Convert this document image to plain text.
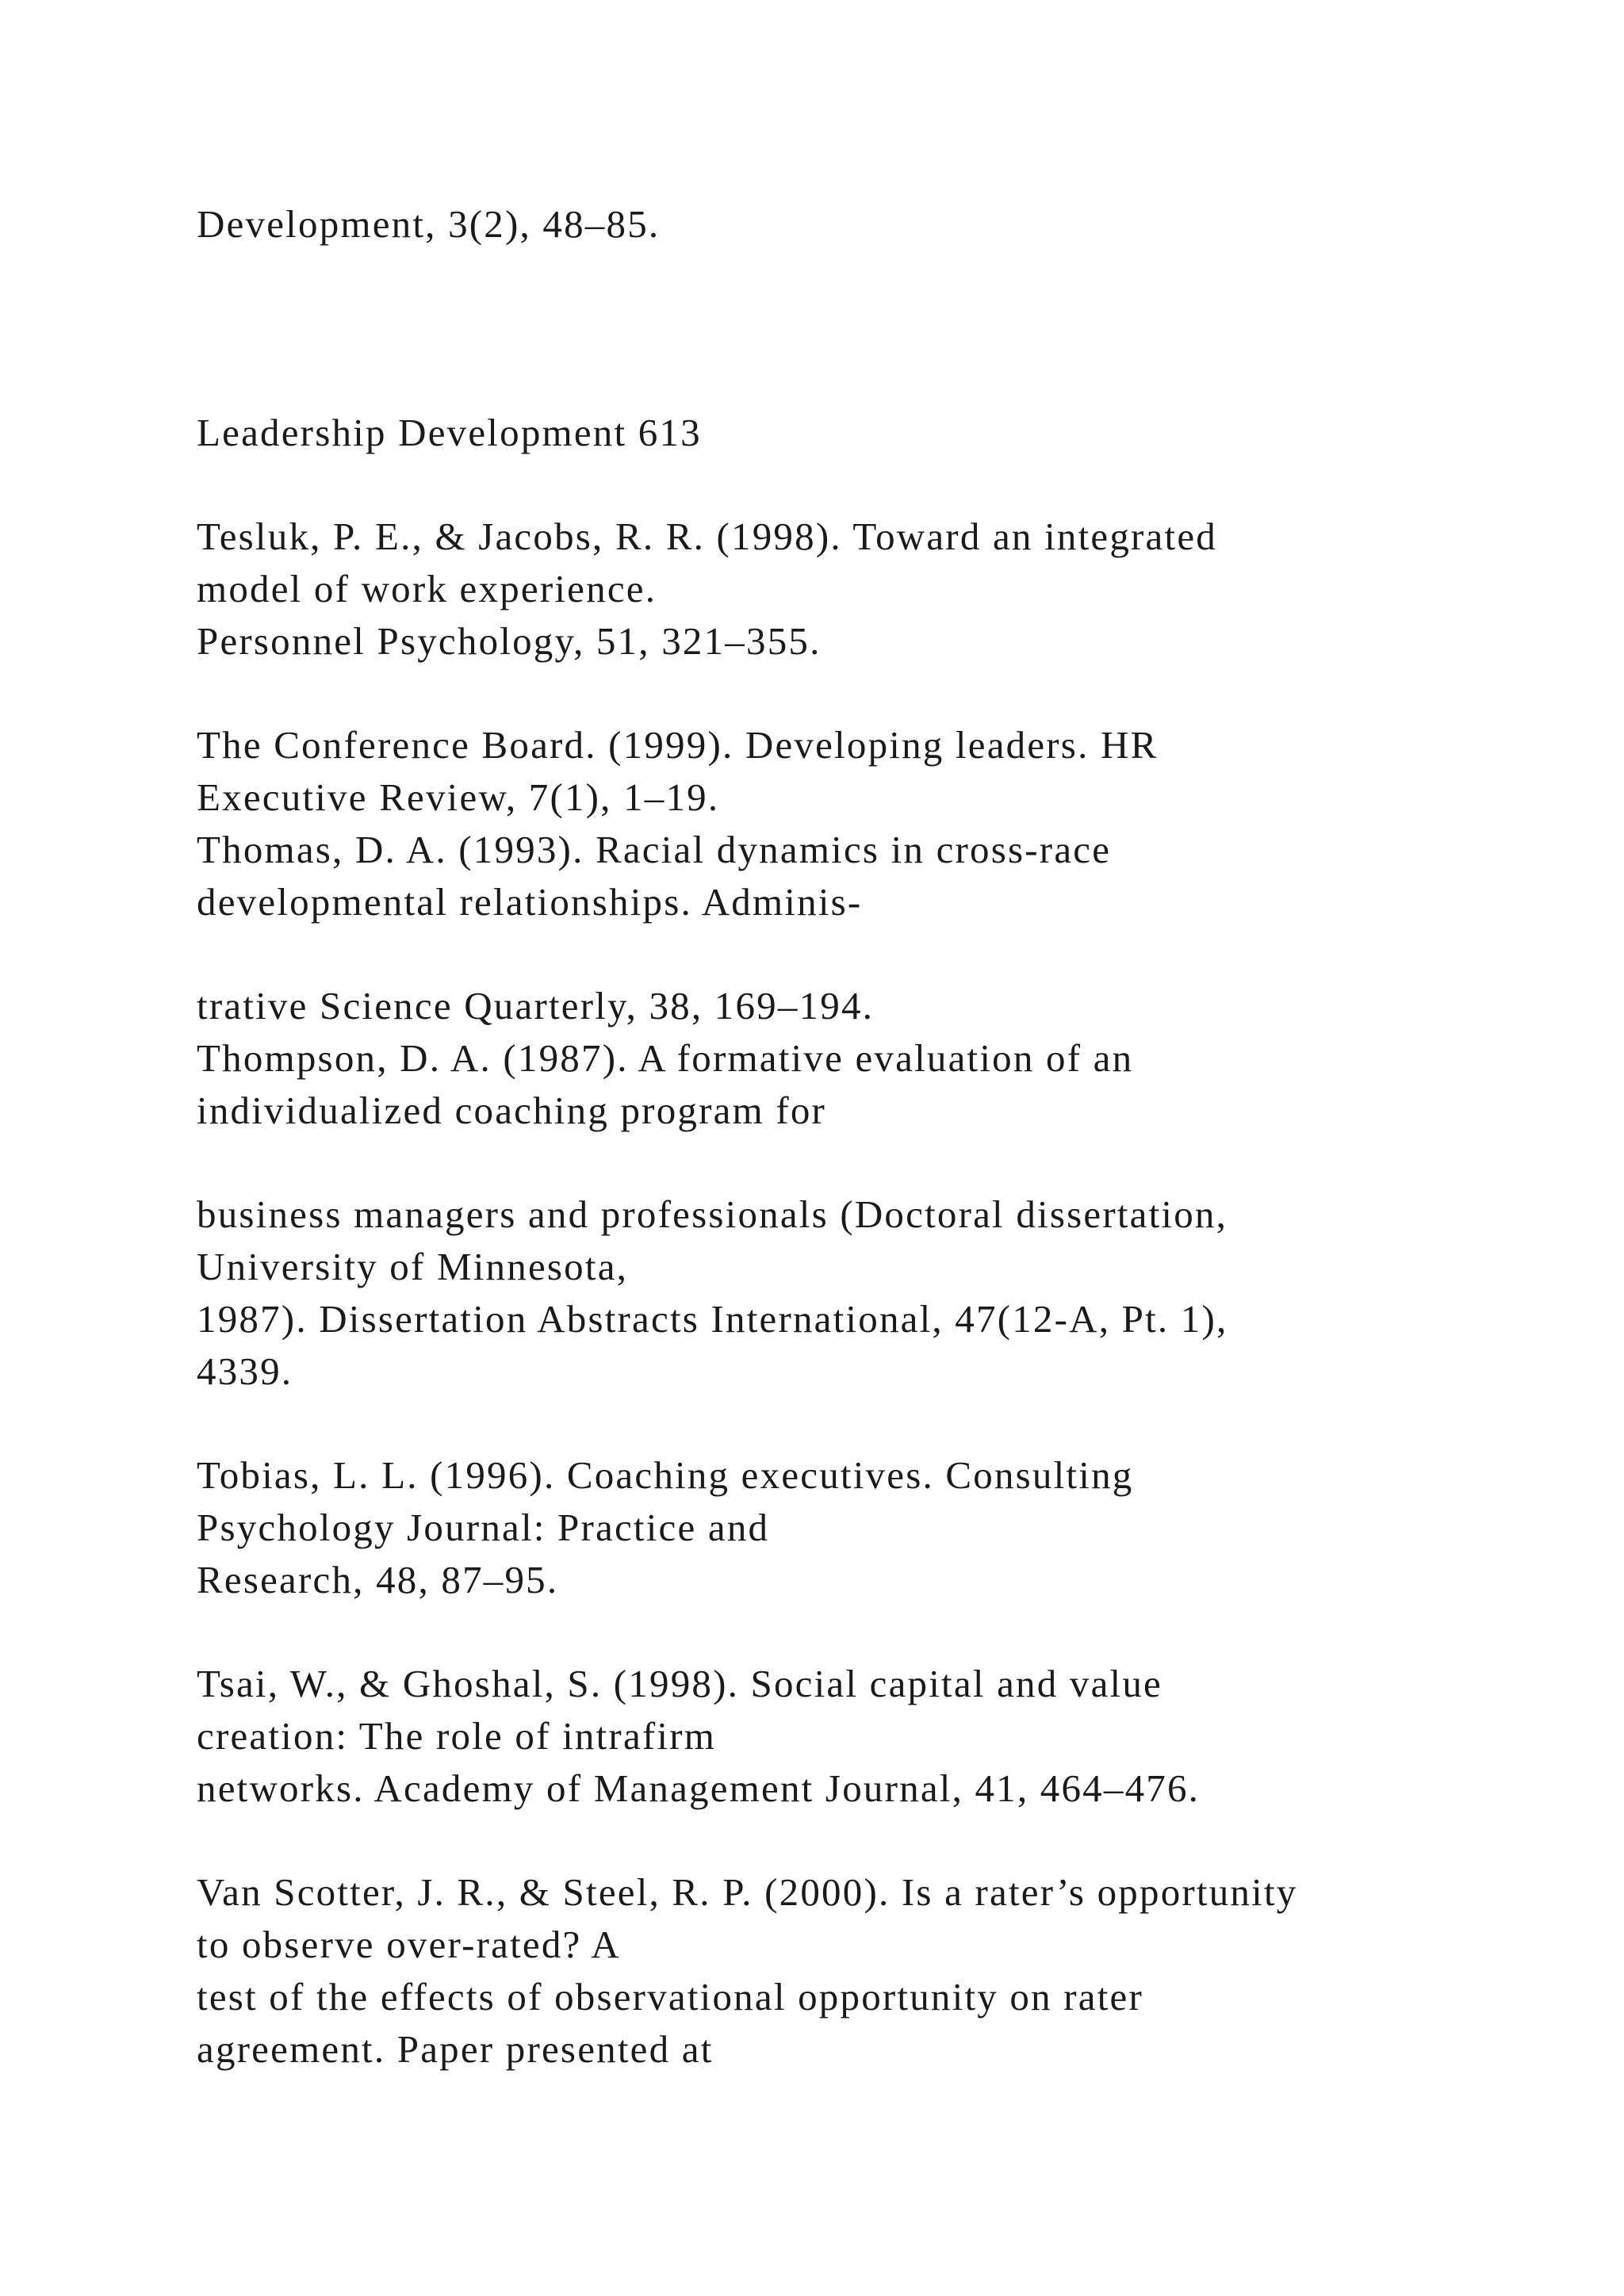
Development, 3(2), 48–85.

Leadership Development 613

Tesluk, P. E., & Jacobs, R. R. (1998). Toward an integrated

model of work experience.

Personnel Psychology, 51, 321–355.

The Conference Board. (1999). Developing leaders. HR

Executive Review, 7(1), 1–19.

Thomas, D. A. (1993). Racial dynamics in cross-race

developmental relationships. Adminis-

trative Science Quarterly, 38, 169–194.

Thompson, D. A. (1987). A formative evaluation of an

individualized coaching program for

business managers and professionals (Doctoral dissertation,

University of Minnesota,

1987). Dissertation Abstracts International, 47(12-A, Pt. 1),

4339.

Tobias, L. L. (1996). Coaching executives. Consulting

Psychology Journal: Practice and

Research, 48, 87–95.

Tsai, W., & Ghoshal, S. (1998). Social capital and value

creation: The role of intrafirm

networks. Academy of Management Journal, 41, 464–476.

Van Scotter, J. R., & Steel, R. P. (2000). Is a rater’s opportunity

to observe over-rated? A

test of the effects of observational opportunity on rater

agreement. Paper presented at
